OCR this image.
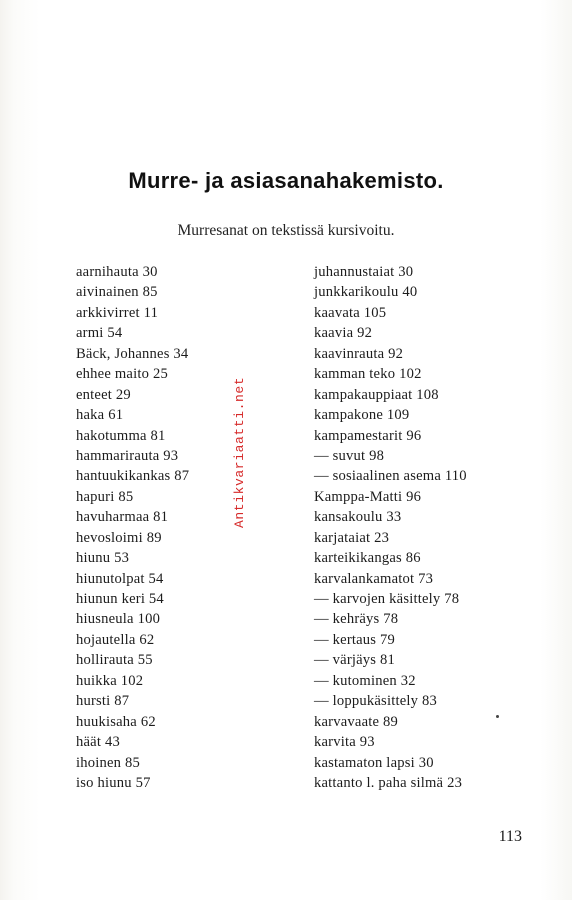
Murre- ja asiasanahakemisto.
Murresanat on tekstissä kursivoitu.
aarnihauta 30
aivinainen 85
arkkivirret 11
armi 54
Bäck, Johannes 34
ehhee maito 25
enteet 29
haka 61
hakotumma 81
hammarirauta 93
hantuukikankas 87
hapuri 85
havuharmaa 81
hevosloimi 89
hiunu 53
hiunutolpat 54
hiunun keri 54
hiusneula 100
hojautella 62
hollirauta 55
huikka 102
hursti 87
huukisaha 62
häät 43
ihoinen 85
iso hiunu 57
Antikvariaatti.net
juhannustaiat 30
junkkarikoulu 40
kaavata 105
kaavia 92
kaavinrauta 92
kamman teko 102
kampakauppiaat 108
kampakone 109
kampamestarit 96
— suvut 98
— sosiaalinen asema 110
Kamppa-Matti 96
kansakoulu 33
karjataiat 23
karteikikangas 86
karvalankamatot 73
— karvojen käsittely 78
— kehräys 78
— kertaus 79
— värjäys 81
— kutominen 32
— loppukäsittely 83
karvavaate 89
karvita 93
kastamaton lapsi 30
kattanto l. paha silmä 23
113
